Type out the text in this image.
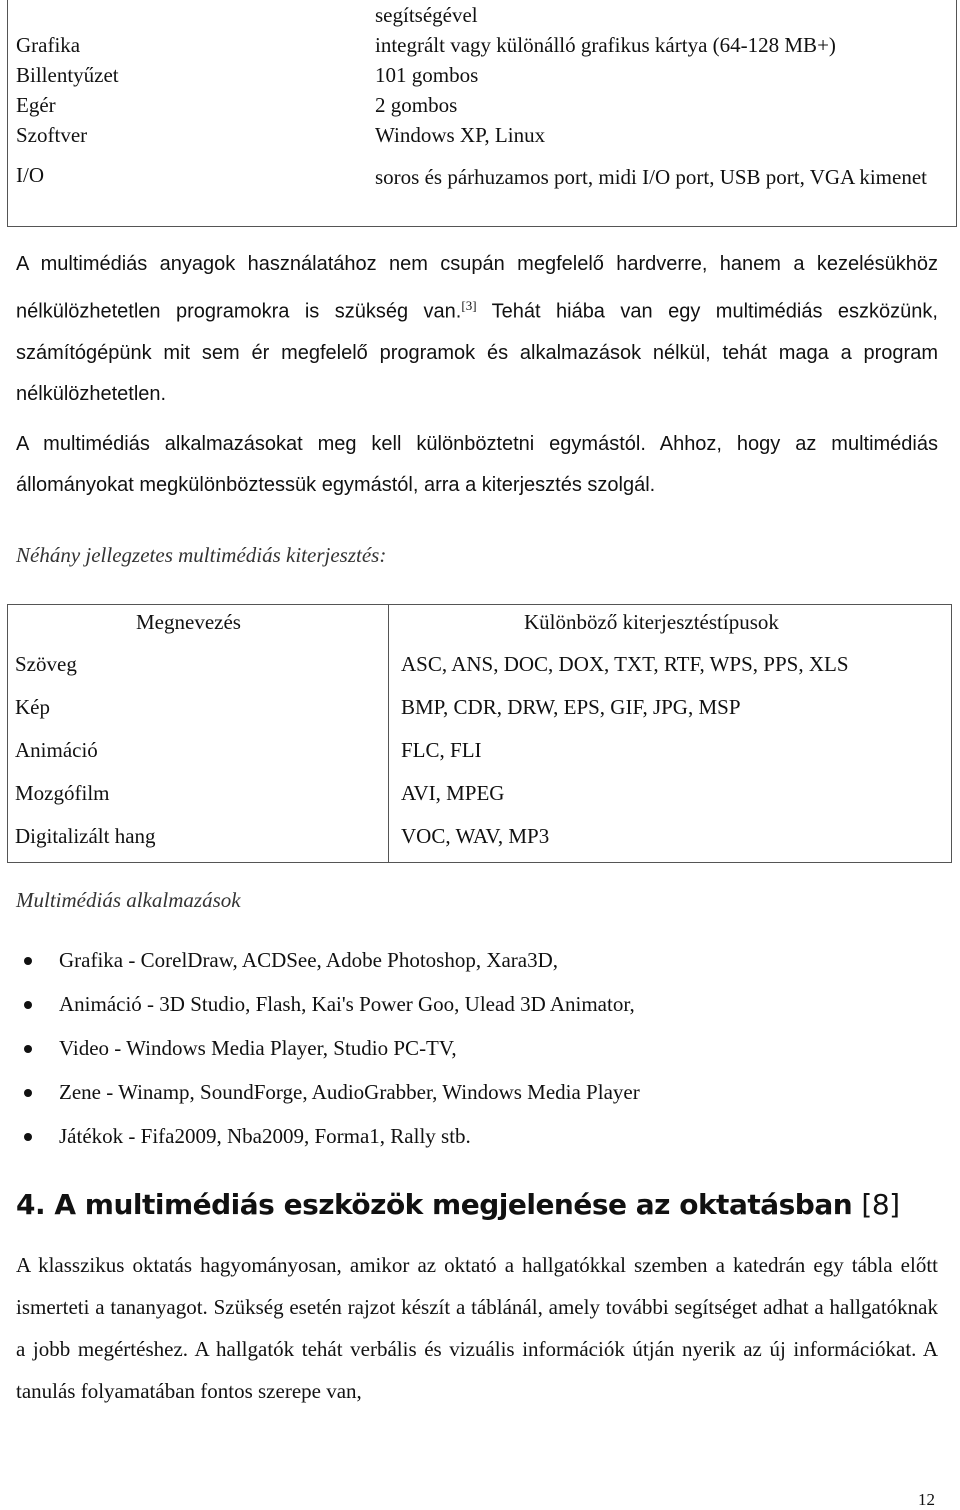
segítségével
Grafika	integrált vagy különálló grafikus kártya (64-128 MB+)
Billentyűzet	101 gombos
Egér	2 gombos
Szoftver	Windows XP, Linux
I/O	soros és párhuzamos port, midi I/O port, USB port, VGA kimenet
A multimédiás anyagok használatához nem csupán megfelelő hardverre, hanem a kezelésükhöz nélkülözhetetlen programokra is szükség van.[3] Tehát hiába van egy multimédiás eszközünk, számítógépünk mit sem ér megfelelő programok és alkalmazások nélkül, tehát maga a program nélkülözhetetlen.
A multimédiás alkalmazásokat meg kell különböztetni egymástól. Ahhoz, hogy az multimédiás állományokat megkülönböztessük egymástól, arra a kiterjesztés szolgál.
Néhány jellegzetes multimédiás kiterjesztés:
Megnevezés	Különböző kiterjesztéstípusok
Szöveg	ASC, ANS, DOC, DOX, TXT, RTF, WPS, PPS, XLS
Kép	BMP, CDR, DRW, EPS, GIF, JPG, MSP
Animáció	FLC, FLI
Mozgófilm	AVI, MPEG
Digitalizált hang	VOC, WAV, MP3
Multimédiás alkalmazások
Grafika - CorelDraw, ACDSee, Adobe Photoshop, Xara3D,
Animáció - 3D Studio, Flash, Kai's Power Goo, Ulead 3D Animator,
Video - Windows Media Player, Studio PC-TV,
Zene - Winamp, SoundForge, AudioGrabber, Windows Media Player
Játékok - Fifa2009, Nba2009, Forma1, Rally stb.
4. A multimédiás eszközök megjelenése az oktatásban [8]
A klasszikus oktatás hagyományosan, amikor az oktató a hallgatókkal szemben a katedrán egy tábla előtt ismerteti a tananyagot. Szükség esetén rajzot készít a táblánál, amely további segítséget adhat a hallgatóknak a jobb megértéshez. A hallgatók tehát verbális és vizuális információk útján nyerik az új információkat. A tanulás folyamatában fontos szerepe van,
12
